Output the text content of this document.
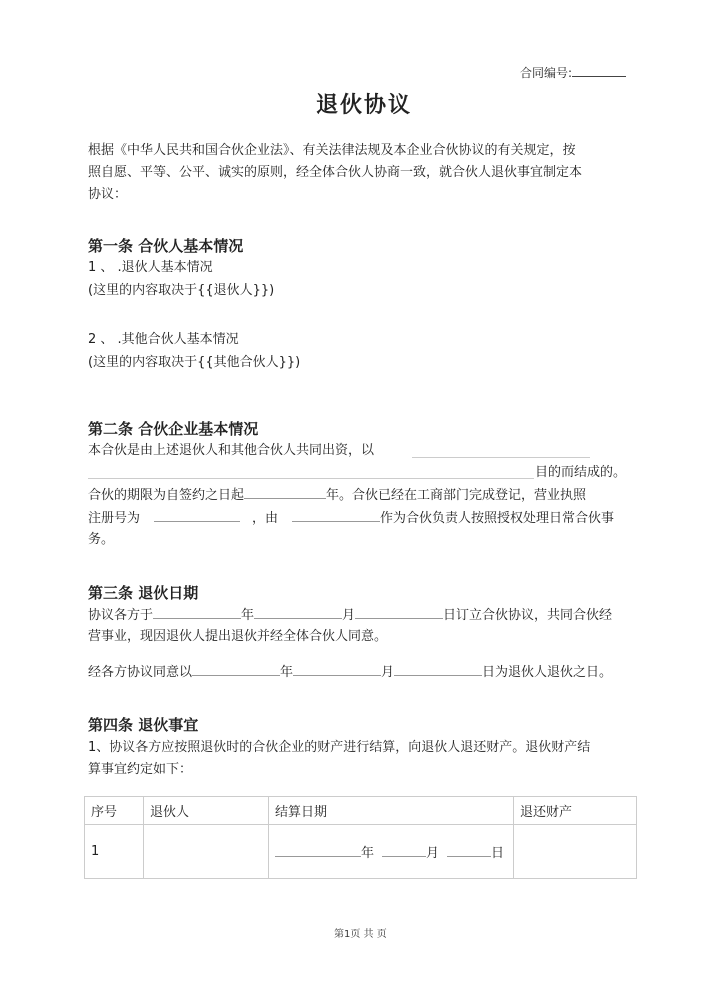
合同编号:
退伙协议
根据《中华人民共和国合伙企业法》、有关法律法规及本企业合伙协议的有关规定，按
照自愿、平等、公平、诚实的原则，经全体合伙人协商一致，就合伙人退伙事宜制定本
协议：
第一条 合伙人基本情况
1 、 .退伙人基本情况
(这里的内容取决于{{退伙人}})
2 、 .其他合伙人基本情况
(这里的内容取决于{{其他合伙人}})
第二条 合伙企业基本情况
本合伙是由上述退伙人和其他合伙人共同出资，以
目的而结成的。
合伙的期限为自签约之日起	年。合伙已经在工商部门完成登记，营业执照
注册号为	，由	作为合伙负责人按照授权处理日常合伙事
务。
第三条 退伙日期
协议各方于	年	月	日订立合伙协议，共同合伙经
营事业，现因退伙人提出退伙并经全体合伙人同意。
经各方协议同意以	年	月	日为退伙人退伙之日。
第四条 退伙事宜
1、协议各方应按照退伙时的合伙企业的财产进行结算，向退伙人退还财产。退伙财产结
算事宜约定如下：
序号	退伙人	结算日期	退还财产
1		年 月 日	
第1页 共 页
